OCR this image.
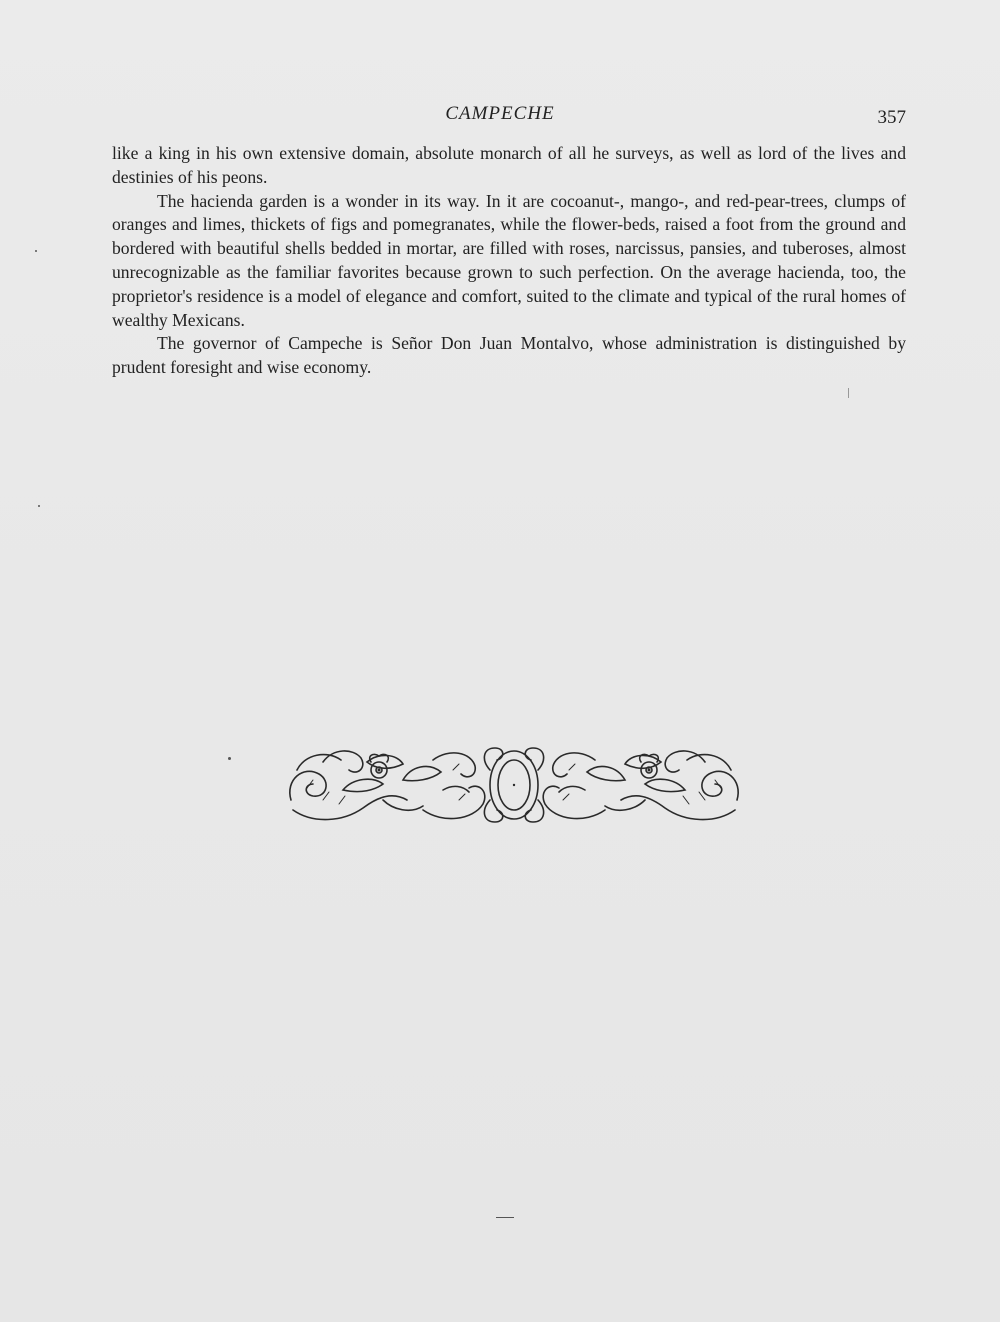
CAMPECHE	357

like a king in his own extensive domain, absolute monarch of all he surveys, as well as lord of the lives and destinies of his peons.

The hacienda garden is a wonder in its way. In it are cocoanut-, mango-, and red-pear-trees, clumps of oranges and limes, thickets of figs and pomegranates, while the flower-beds, raised a foot from the ground and bordered with beautiful shells bedded in mortar, are filled with roses, narcissus, pansies, and tuberoses, almost unrecognizable as the familiar favorites because grown to such perfection. On the average hacienda, too, the proprietor's residence is a model of elegance and comfort, suited to the climate and typical of the rural homes of wealthy Mexicans.

The governor of Campeche is Señor Don Juan Montalvo, whose administration is distinguished by prudent foresight and wise economy.
